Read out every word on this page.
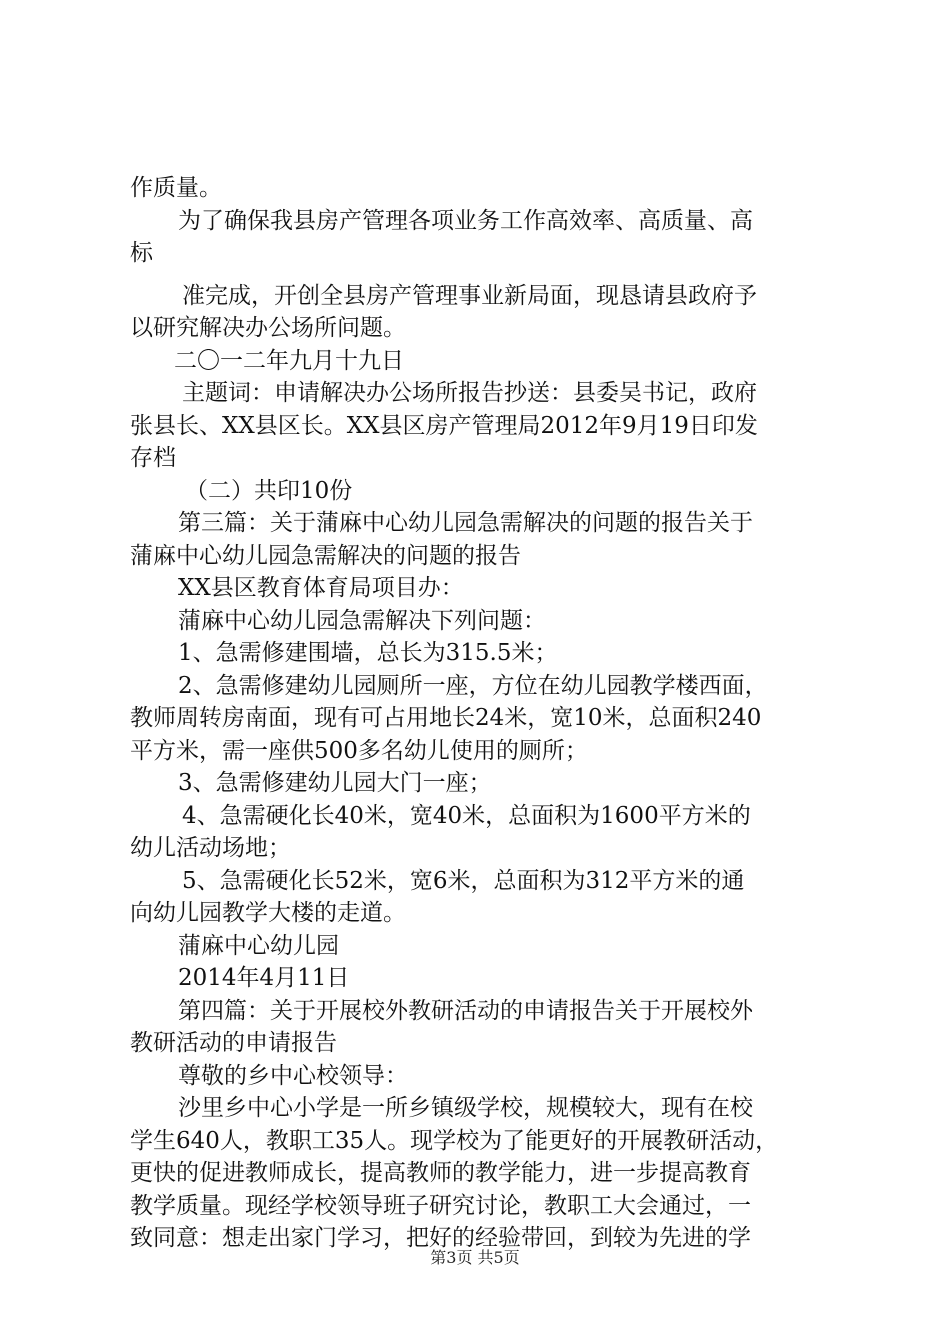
作质量。
为了确保我县房产管理各项业务工作高效率、高质量、高
标
准完成，开创全县房产管理事业新局面，现恳请县政府予
以研究解决办公场所问题。
二〇一二年九月十九日
主题词：申请解决办公场所报告抄送：县委吴书记，政府
张县长、XX县区长。XX县区房产管理局2012年9月19日印发
存档
（二）共印10份
第三篇：关于蒲麻中心幼儿园急需解决的问题的报告关于
蒲麻中心幼儿园急需解决的问题的报告
XX县区教育体育局项目办：
蒲麻中心幼儿园急需解决下列问题：
1、急需修建围墙，总长为315.5米；
2、急需修建幼儿园厕所一座，方位在幼儿园教学楼西面，
教师周转房南面，现有可占用地长24米，宽10米，总面积240
平方米，需一座供500多名幼儿使用的厕所；
3、急需修建幼儿园大门一座；
4、急需硬化长40米，宽40米，总面积为1600平方米的
幼儿活动场地；
5、急需硬化长52米，宽6米，总面积为312平方米的通
向幼儿园教学大楼的走道。
蒲麻中心幼儿园
2014年4月11日
第四篇：关于开展校外教研活动的申请报告关于开展校外
教研活动的申请报告
尊敬的乡中心校领导：
沙里乡中心小学是一所乡镇级学校，规模较大，现有在校
学生640人，教职工35人。现学校为了能更好的开展教研活动，
更快的促进教师成长，提高教师的教学能力，进一步提高教育
教学质量。现经学校领导班子研究讨论，教职工大会通过，一
致同意：想走出家门学习，把好的经验带回，到较为先进的学
第3页 共5页
